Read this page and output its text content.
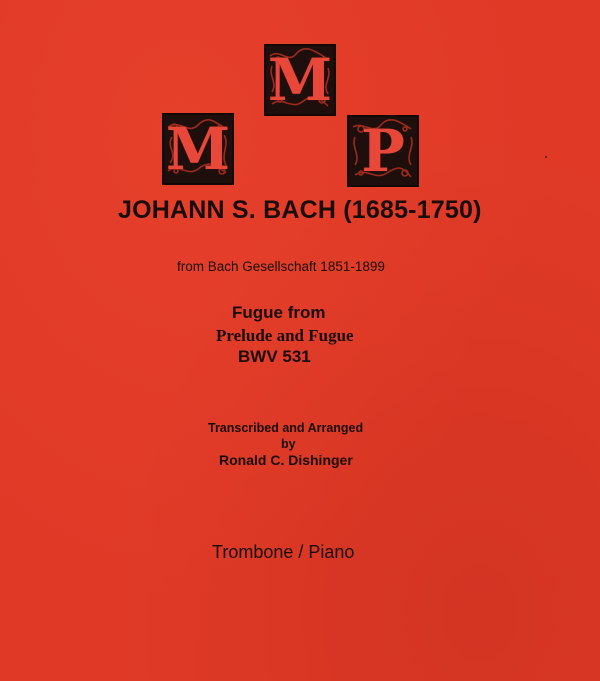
M
M P
JOHANN S. BACH (1685-1750)
from Bach Gesellschaft 1851-1899
Fugue from
Prelude and Fugue
BWV 531
Transcribed and Arranged
by
Ronald C. Dishinger
Trombone / Piano
